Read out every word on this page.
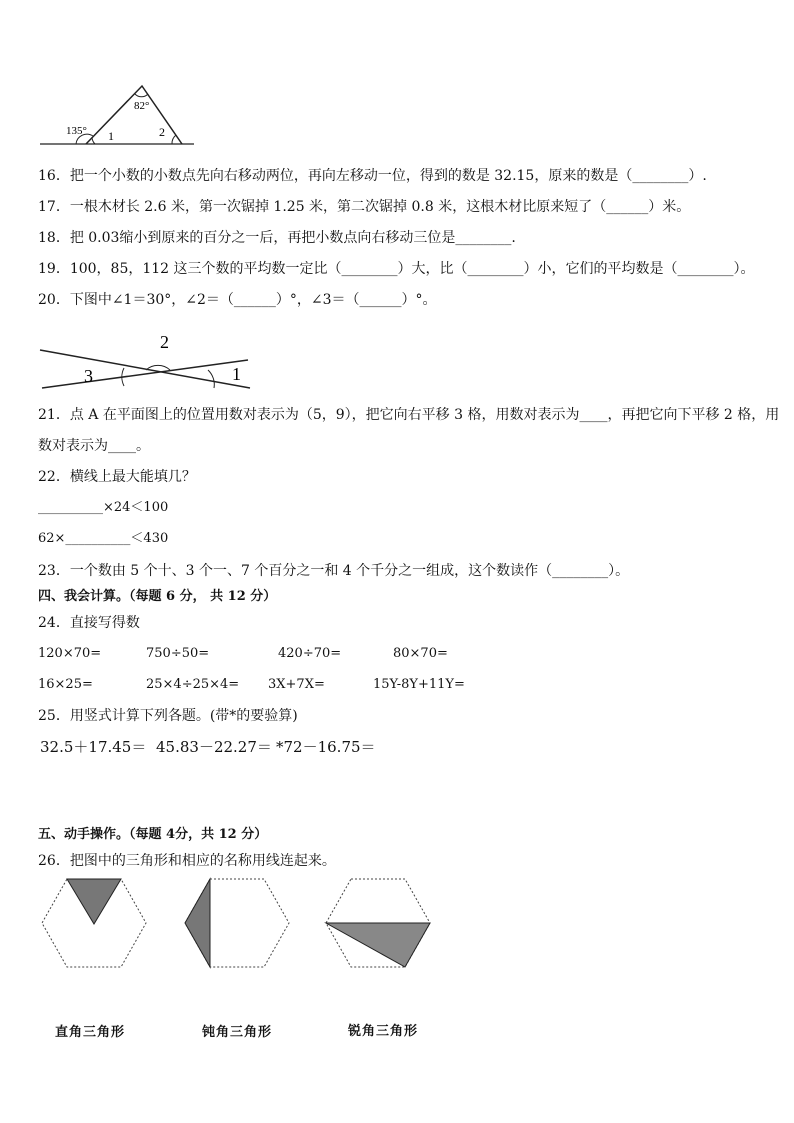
135°
82°
1	2
16．把一个小数的小数点先向右移动两位，再向左移动一位，得到的数是 32.15，原来的数是（________）.
17．一根木材长 2.6 米，第一次锯掉 1.25 米，第二次锯掉 0.8 米，这根木材比原来短了（______）米。
18．把 0.03缩小到原来的百分之一后，再把小数点向右移动三位是________.
19．100，85，112 这三个数的平均数一定比（________）大，比（________）小，它们的平均数是（________）。
20．下图中∠1＝30°，∠2＝（______）°，∠3＝（______）°。
2
3	1
21．点 A 在平面图上的位置用数对表示为（5，9），把它向右平移 3 格，用数对表示为____，再把它向下平移 2 格，用
数对表示为____。
22．横线上最大能填几？
__________×24＜100
62×__________＜430
23．一个数由 5 个十、3 个一、7 个百分之一和 4 个千分之一组成，这个数读作（________）。
四、我会计算。（每题 6 分， 共 12 分）
24．直接写得数
120×70=	750÷50=	420÷70=	80×70=
16×25=	25×4÷25×4= 3X+7X=	15Y-8Y+11Y=
25．用竖式计算下列各题。(带*的要验算)
32.5＋17.45＝ 45.83－22.27＝ *72－16.75＝
五、动手操作。（每题 4分，共 12 分）
26．把图中的三角形和相应的名称用线连起来。
直角三角形	钝角三角形	锐角三角形
